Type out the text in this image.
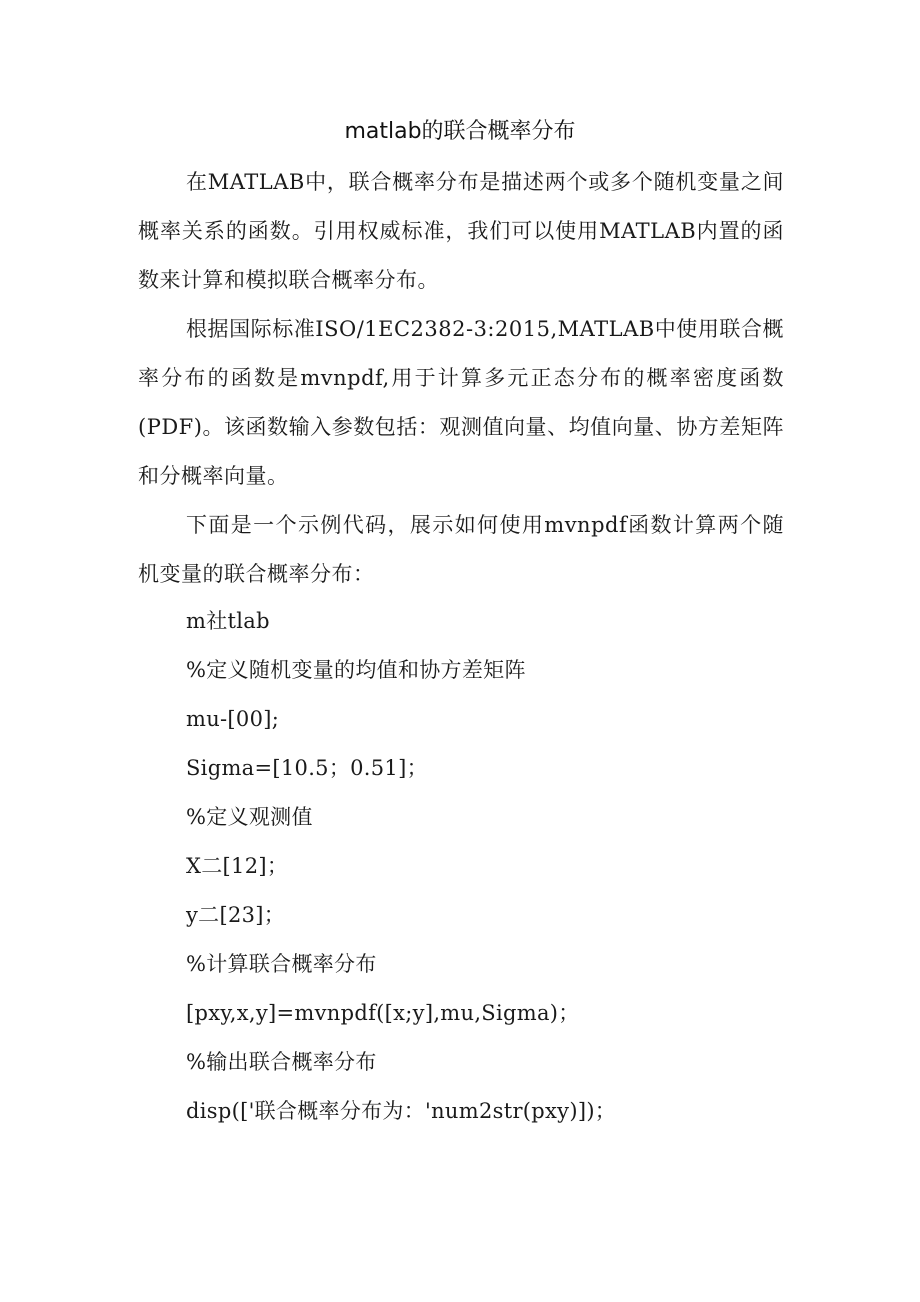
matlab的联合概率分布

在MATLAB中，联合概率分布是描述两个或多个随机变量之间概率关系的函数。引用权威标准，我们可以使用MATLAB内置的函数来计算和模拟联合概率分布。

根据国际标准ISO/1EC2382-3:2015,MATLAB中使用联合概率分布的函数是mvnpdf,用于计算多元正态分布的概率密度函数(PDF)。该函数输入参数包括：观测值向量、均值向量、协方差矩阵和分概率向量。

下面是一个示例代码，展示如何使用mvnpdf函数计算两个随机变量的联合概率分布：

m社tlab

%定义随机变量的均值和协方差矩阵

mu-[00];

Sigma=[10.5；0.51]；

%定义观测值

X二[12]；

y二[23]；

%计算联合概率分布

[pxy,x,y]=mvnpdf([x;y],mu,Sigma)；

%输出联合概率分布

disp(['联合概率分布为：'num2str(pxy)])；
